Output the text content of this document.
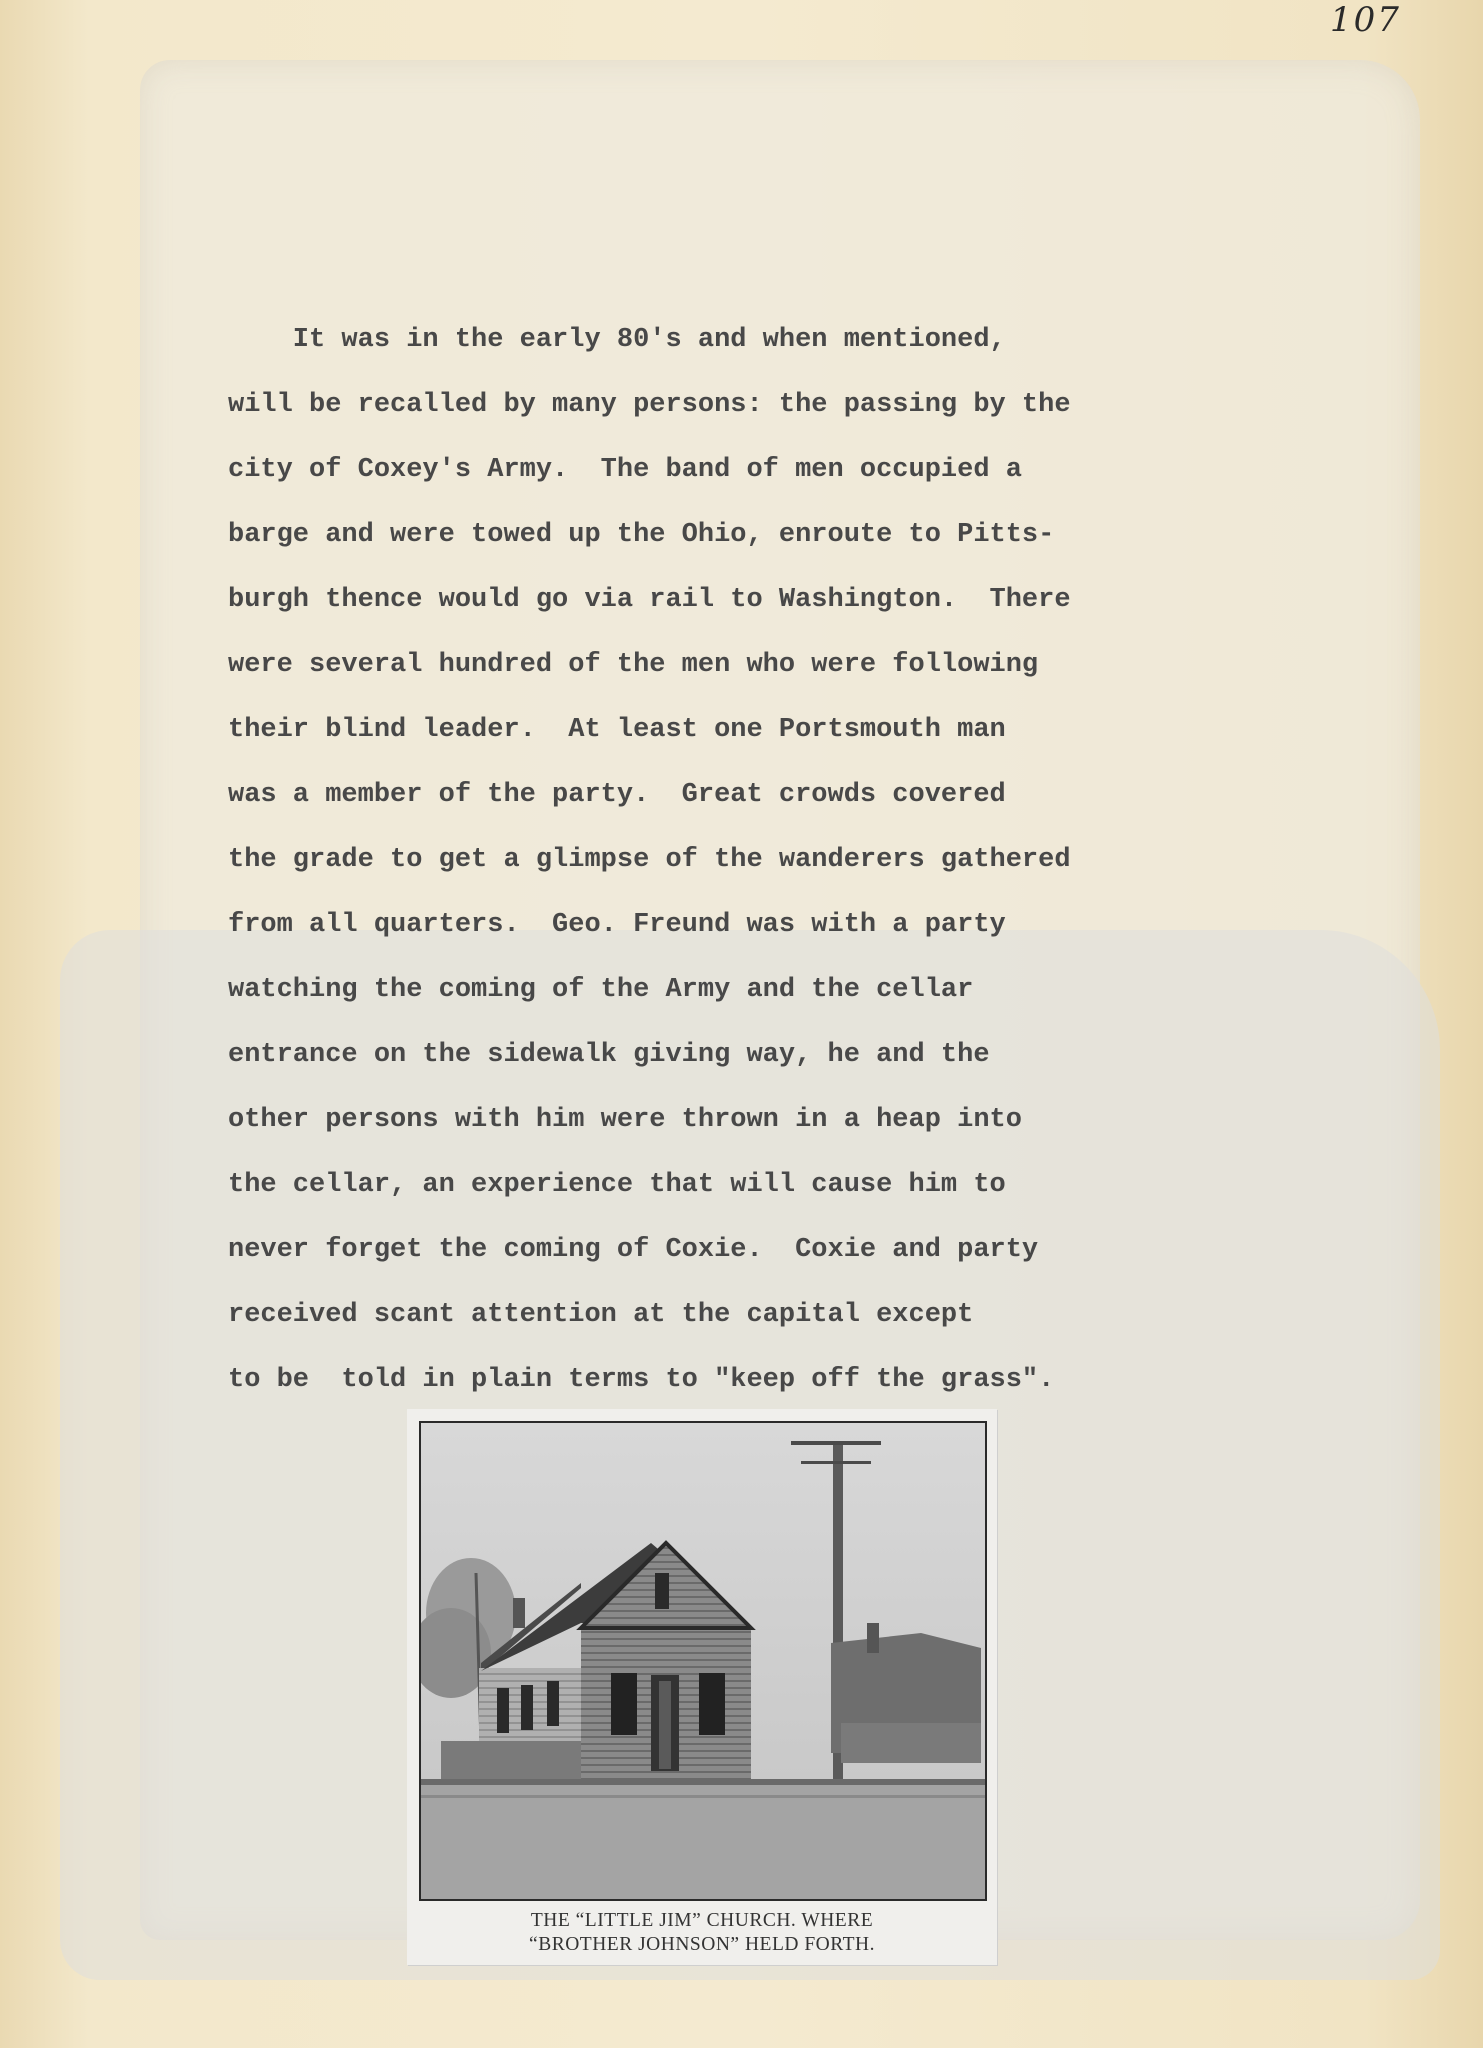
107
It was in the early 80's and when mentioned,
will be recalled by many persons: the passing by the
city of Coxey's Army.  The band of men occupied a
barge and were towed up the Ohio, enroute to Pitts-
burgh thence would go via rail to Washington.  There
were several hundred of the men who were following
their blind leader.  At least one Portsmouth man
was a member of the party.  Great crowds covered
the grade to get a glimpse of the wanderers gathered
from all quarters.  Geo. Freund was with a party
watching the coming of the Army and the cellar
entrance on the sidewalk giving way, he and the
other persons with him were thrown in a heap into
the cellar, an experience that will cause him to
never forget the coming of Coxie.  Coxie and party
received scant attention at the capital except
to be  told in plain terms to "keep off the grass".
THE “LITTLE JIM” CHURCH. WHERE
“BROTHER JOHNSON” HELD FORTH.
